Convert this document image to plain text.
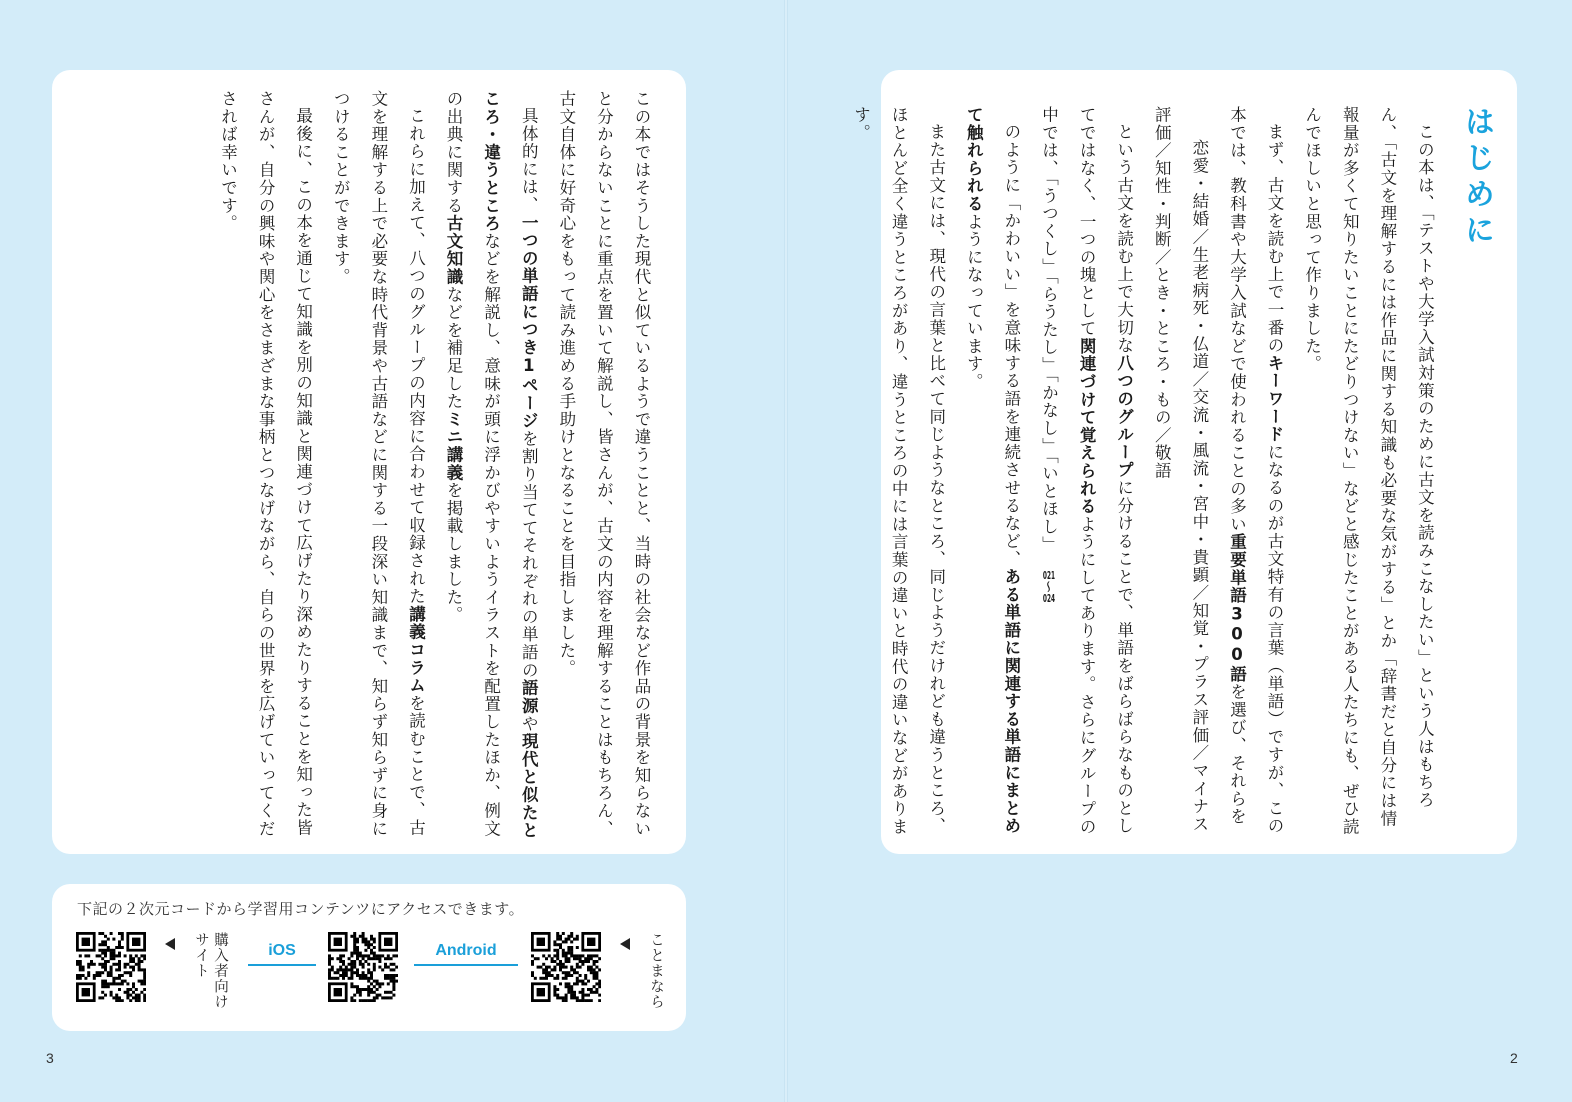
この本ではそうした現代と似ているようで違うことと、当時の社会など作品の背景を知らないと分からないことに重点を置いて解説し、皆さんが、古文の内容を理解することはもちろん、古文自体に好奇心をもって読み進める手助けとなることを目指しました。

具体的には、一つの単語につき1ページを割り当ててそれぞれの単語の語源や現代と似たところ・違うところなどを解説し、意味が頭に浮かびやすいようイラストを配置したほか、例文の出典に関する古文知識などを補足したミニ講義を掲載しました。

これらに加えて、八つのグループの内容に合わせて収録された講義コラムを読むことで、古文を理解する上で必要な時代背景や古語などに関する一段深い知識まで、知らず知らずに身につけることができます。

最後に、この本を通じて知識を別の知識と関連づけて広げたり深めたりすることを知った皆さんが、自分の興味や関心をさまざまな事柄とつなげながら、自らの世界を広げていってくだされば幸いです。	はじめに

この本は、「テストや大学入試対策のために古文を読みこなしたい」という人はもちろん、「古文を理解するには作品に関する知識も必要な気がする」とか「辞書だと自分には情報量が多くて知りたいことにたどりつけない」などと感じたことがある人たちにも、ぜひ読んでほしいと思って作りました。

まず、古文を読む上で一番のキーワードになるのが古文特有の言葉（単語）ですが、この本では、教科書や大学入試などで使われることの多い重要単語300語を選び、それらを

恋愛・結婚／生老病死・仏道／交流・風流・宮中・貴顕／知覚・プラス評価／マイナス評価／知性・判断／とき・ところ・もの／敬語

という古文を読む上で大切な八つのグループに分けることで、単語をばらばらなものとしてではなく、一つの塊として関連づけて覚えられるようにしてあります。さらにグループの中では、「うつくし」「らうたし」「かなし」「いとほし」021〜024

のように「かわいい」を意味する語を連続させるなど、ある単語に関連する単語にまとめて触れられるようになっています。

また古文には、現代の言葉と比べて同じようなところ、同じようだけれども違うところ、ほとんど全く違うところがあり、違うところの中には言葉の違いと時代の違いなどがあります。

下記の２次元コードから学習用コンテンツにアクセスできます。
購入者向けサイト	iOS	Android	ことまなら
3	2
